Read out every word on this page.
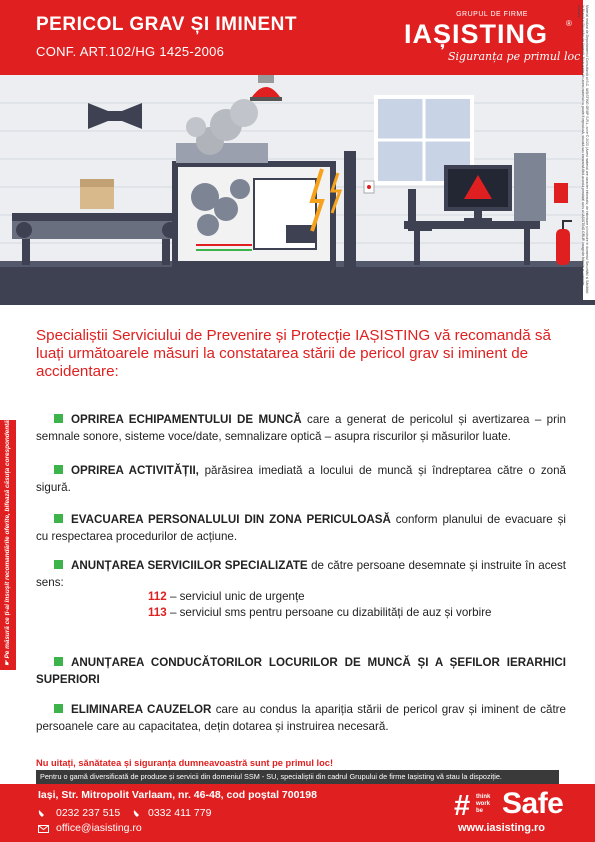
PERICOL GRAV ȘI IMINENT
CONF. ART.102/HG 1425-2006
GRUPUL DE FIRME
IAȘISTING ®
Siguranța pe primul loc	Material realizat de Departamentul Consultanță al S.C. IAȘISTING GRUP S.R.L, iunie © 2023 | Acest material are caracter informativ, de informare și instruire în domeniul Securității și Sănătății în Muncă și Situațiilor de Urgență. Nicio parte din acest material nu poate fi reprodusă, stocată sau transmisă fără acordul prealabil scris al IAȘISTING GRUP. Imaginile folosite au caracter ilustrativ.
☛ Pe măsură ce ți-ai însușit recomandările oferite, bifează căsuța corespondentă.
Specialiștii Serviciului de Prevenire și Protecție IAȘISTING vă recomandă să luați următoarele măsuri la constatarea stării de pericol grav si iminent de accidentare:
OPRIREA ECHIPAMENTULUI DE MUNCĂ care a generat de pericolul și avertizarea – prin semnale sonore, sisteme voce/date, semnalizare optică – asupra riscurilor și măsurilor luate.
OPRIREA ACTIVITĂȚII, părăsirea imediată a locului de muncă și îndreptarea către o zonă sigură.
EVACUAREA PERSONALULUI DIN ZONA PERICULOASĂ conform planului de evacuare și cu respectarea procedurilor de acțiune.
ANUNȚAREA SERVICIILOR SPECIALIZATE de către persoane desemnate și instruite în acest sens:
112 – serviciul unic de urgențe
113 – serviciul sms pentru persoane cu dizabilități de auz și vorbire
ANUNȚAREA CONDUCĂTORILOR LOCURILOR DE MUNCĂ ȘI A ȘEFILOR IERARHICI SUPERIORI
ELIMINAREA CAUZELOR care au condus la apariția stării de pericol grav și iminent de către persoanele care au capacitatea, dețin dotarea și instruirea necesară.
Nu uitați, sănătatea și siguranța dumneavoastră sunt pe primul loc!
Pentru o gamă diversificată de produse și servicii din domeniul SSM - SU, specialiștii din cadrul Grupului de firme Iașisting vă stau la dispoziție.
Iași, Str. Mitropolit Varlaam, nr. 46-48, cod poștal 700198
0232 237 515	0332 411 779
office@iasisting.ro
# think
work
be Safe
www.iasisting.ro
